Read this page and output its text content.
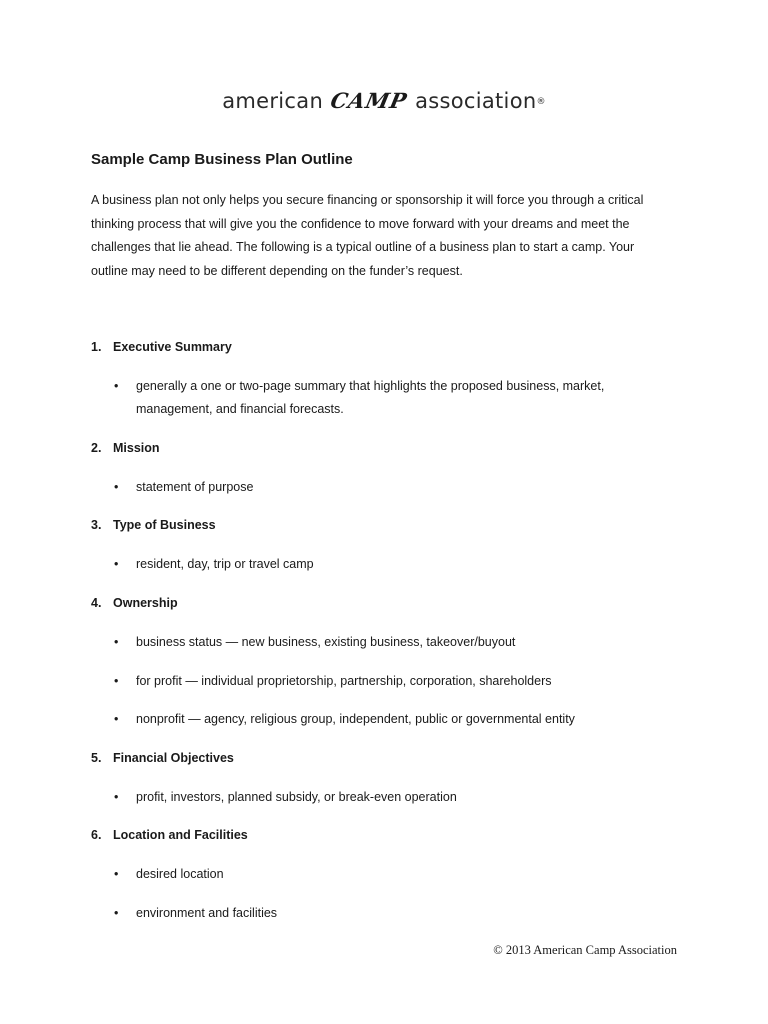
american CAMP association®
Sample Camp Business Plan Outline
A business plan not only helps you secure financing or sponsorship it will force you through a critical thinking process that will give you the confidence to move forward with your dreams and meet the challenges that lie ahead. The following is a typical outline of a business plan to start a camp. Your outline may need to be different depending on the funder’s request.
1. Executive Summary
• generally a one or two-page summary that highlights the proposed business, market, management, and financial forecasts.
2. Mission
• statement of purpose
3. Type of Business
• resident, day, trip or travel camp
4. Ownership
• business status — new business, existing business, takeover/buyout
• for profit — individual proprietorship, partnership, corporation, shareholders
• nonprofit — agency, religious group, independent, public or governmental entity
5. Financial Objectives
• profit, investors, planned subsidy, or break-even operation
6. Location and Facilities
• desired location
• environment and facilities
© 2013 American Camp Association
